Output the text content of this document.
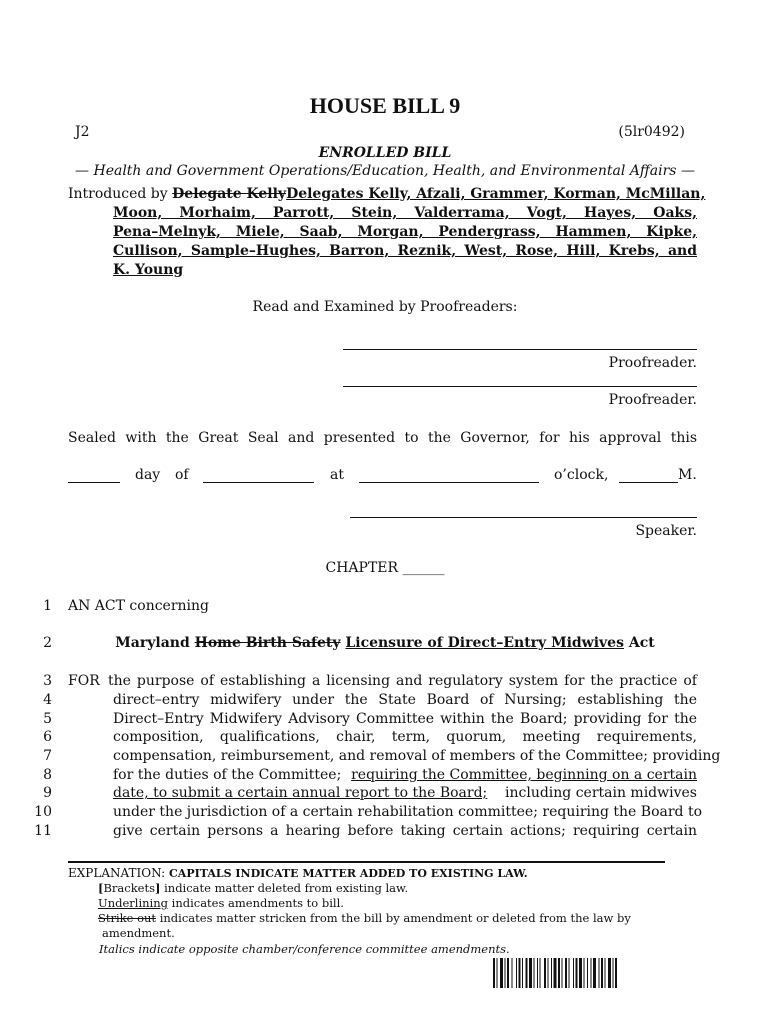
HOUSE BILL 9
J2	(5lr0492)
ENROLLED BILL
— Health and Government Operations/Education, Health, and Environmental Affairs —
Introduced by Delegate Kelly Delegates Kelly, Afzali, Grammer, Korman, McMillan,
Moon, Morhaim, Parrott, Stein, Valderrama, Vogt, Hayes, Oaks,
Pena–Melnyk, Miele, Saab, Morgan, Pendergrass, Hammen, Kipke,
Cullison, Sample–Hughes, Barron, Reznik, West, Rose, Hill, Krebs, and
K. Young
Read and Examined by Proofreaders:
Proofreader.
Proofreader.
Sealed with the Great Seal and presented to the Governor, for his approval this
day of	at	o’clock,	M.
Speaker.
CHAPTER ______
1
2
3
4
5
6
7
8
9
10
11
AN ACT concerning
Maryland Home Birth Safety Licensure of Direct–Entry Midwives Act
FOR the purpose of establishing a licensing and regulatory system for the practice of
direct–entry midwifery under the State Board of Nursing; establishing the
Direct–Entry Midwifery Advisory Committee within the Board; providing for the
composition, qualifications, chair, term, quorum, meeting requirements,
compensation, reimbursement, and removal of members of the Committee; providing
for the duties of the Committee; requiring the Committee, beginning on a certain
date, to submit a certain annual report to the Board; including certain midwives
under the jurisdiction of a certain rehabilitation committee; requiring the Board to
give certain persons a hearing before taking certain actions; requiring certain
EXPLANATION: CAPITALS INDICATE MATTER ADDED TO EXISTING LAW.
[Brackets] indicate matter deleted from existing law.
Underlining indicates amendments to bill.
Strike out indicates matter stricken from the bill by amendment or deleted from the law by
amendment.
Italics indicate opposite chamber/conference committee amendments.
